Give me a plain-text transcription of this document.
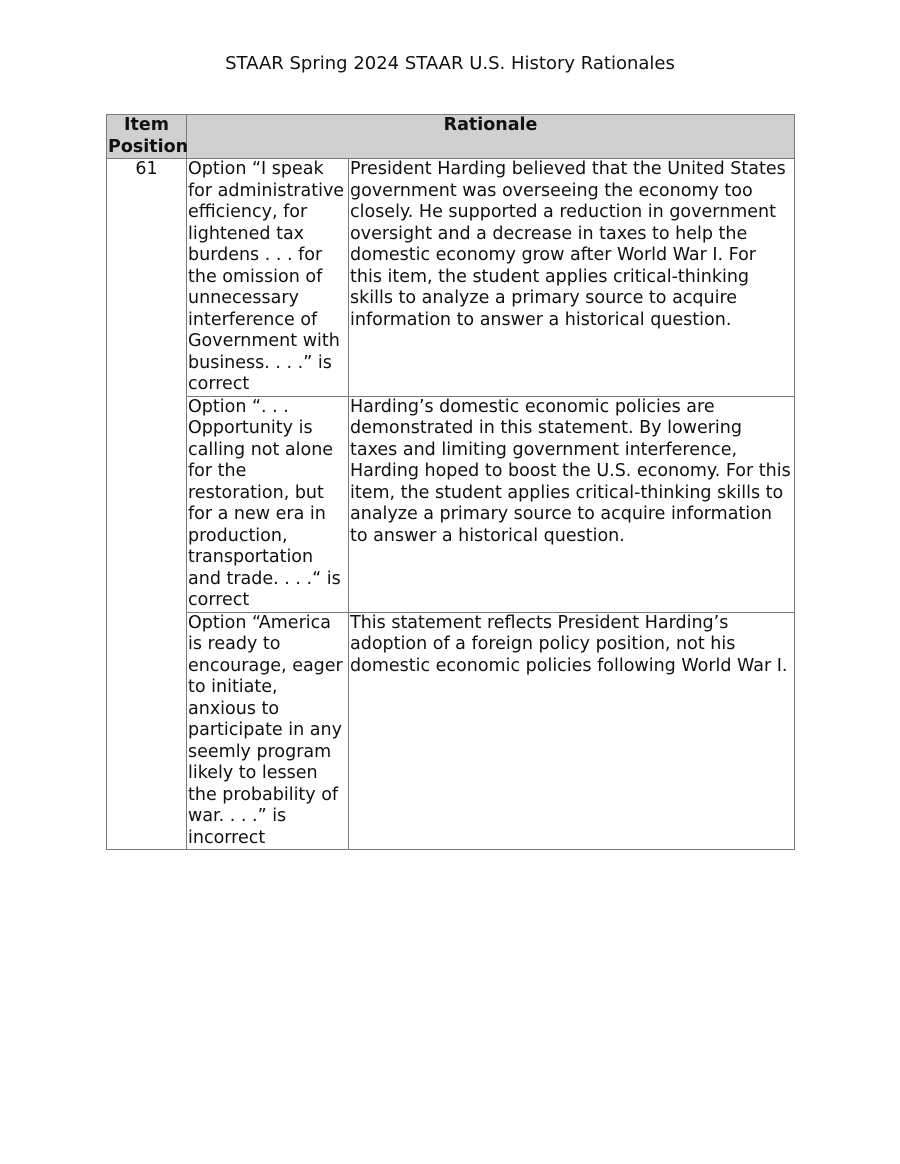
STAAR Spring 2024 STAAR U.S. History Rationales
Item Position	Rationale	
61	Option “I speak for administrative efficiency, for lightened tax burdens . . . for the omission of unnecessary interference of Government with business. . . .” is correct	President Harding believed that the United States government was overseeing the economy too closely. He supported a reduction in government oversight and a decrease in taxes to help the domestic economy grow after World War I. For this item, the student applies critical-thinking skills to analyze a primary source to acquire information to answer a historical question.

	Option “. . . Opportunity is calling not alone for the restoration, but for a new era in production, transportation and trade. . . .“ is correct	Harding’s domestic economic policies are demonstrated in this statement. By lowering taxes and limiting government interference, Harding hoped to boost the U.S. economy. For this item, the student applies critical-thinking skills to analyze a primary source to acquire information to answer a historical question.

	Option “America is ready to encourage, eager to initiate, anxious to participate in any seemly program likely to lessen the probability of war. . . .” is incorrect	This statement reflects President Harding’s adoption of a foreign policy position, not his domestic economic policies following World War I.
